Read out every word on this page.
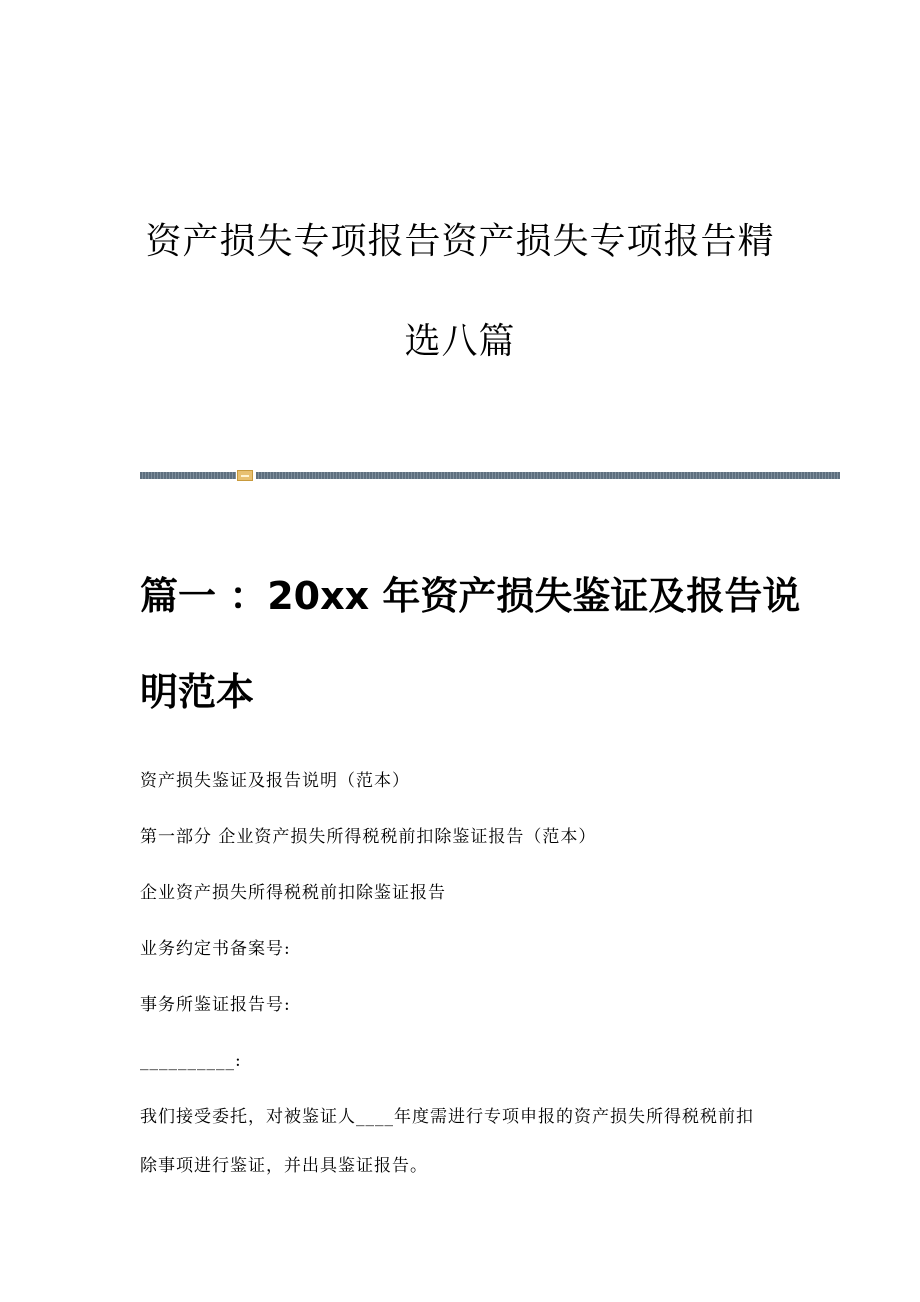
资产损失专项报告资产损失专项报告精
选八篇
篇一 ：20xx 年资产损失鉴证及报告说
明范本

资产损失鉴证及报告说明（范本）

第一部分 企业资产损失所得税税前扣除鉴证报告（范本）

企业资产损失所得税税前扣除鉴证报告

业务约定书备案号:

事务所鉴证报告号:

__________:

我们接受委托，对被鉴证人____年度需进行专项申报的资产损失所得税税前扣

除事项进行鉴证，并出具鉴证报告。
